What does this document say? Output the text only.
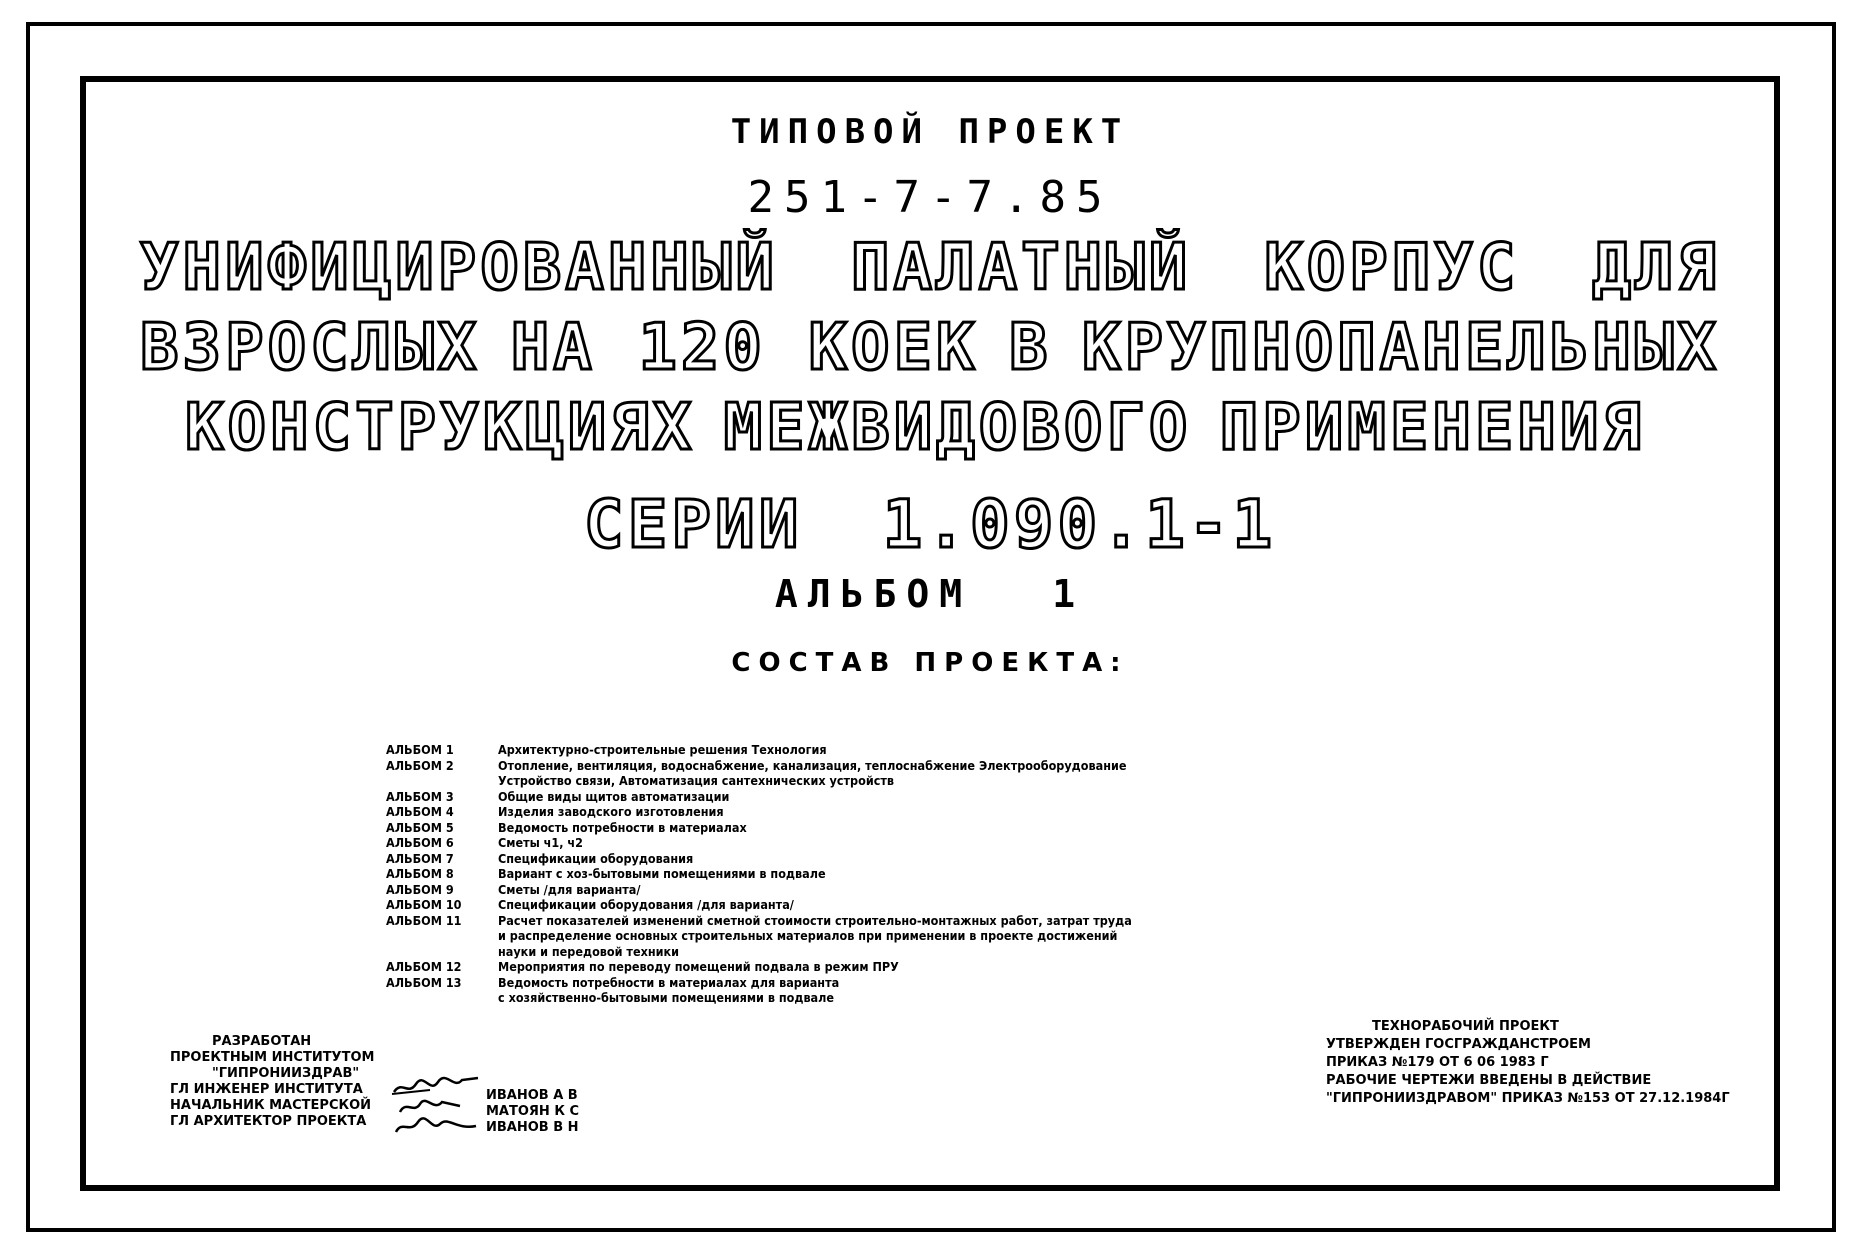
ТИПОВОЙ ПРОЕКТ
251-7-7.85
УНИФИЦИРОВАННЫЙ ПАЛАТНЫЙ КОРПУС ДЛЯ
ВЗРОСЛЫХ НА 120 КОЕК В КРУПНОПАНЕЛЬНЫХ
КОНСТРУКЦИЯХ МЕЖВИДОВОГО ПРИМЕНЕНИЯ
СЕРИИ 1.090.1-1
АЛЬБОМ 1
СОСТАВ ПРОЕКТА:
АЛЬБОМ 1	Архитектурно-строительные решения Технология
АЛЬБОМ 2	Отопление, вентиляция, водоснабжение, канализация, теплоснабжение Электрооборудование
Устройство связи, Автоматизация сантехнических устройств
АЛЬБОМ 3	Общие виды щитов автоматизации
АЛЬБОМ 4	Изделия заводского изготовления
АЛЬБОМ 5	Ведомость потребности в материалах
АЛЬБОМ 6	Сметы ч1, ч2
АЛЬБОМ 7	Спецификации оборудования
АЛЬБОМ 8	Вариант с хоз-бытовыми помещениями в подвале
АЛЬБОМ 9	Сметы /для варианта/
АЛЬБОМ 10	Спецификации оборудования /для варианта/
АЛЬБОМ 11	Расчет показателей изменений сметной стоимости строительно-монтажных работ, затрат труда
и распределение основных строительных материалов при применении в проекте достижений
науки и передовой техники
АЛЬБОМ 12	Мероприятия по переводу помещений подвала в режим ПРУ
АЛЬБОМ 13	Ведомость потребности в материалах для варианта
с хозяйственно-бытовыми помещениями в подвале
РАЗРАБОТАН
ПРОЕКТНЫМ ИНСТИТУТОМ
"ГИПРОНИИЗДРАВ"
ГЛ ИНЖЕНЕР ИНСТИТУТА
НАЧАЛЬНИК МАСТЕРСКОЙ
ГЛ АРХИТЕКТОР ПРОЕКТА
ИВАНОВ А В
МАТОЯН К С
ИВАНОВ В Н
ТЕХНОРАБОЧИЙ ПРОЕКТ
УТВЕРЖДЕН ГОСГРАЖДАНСТРОЕМ
ПРИКАЗ №179 ОТ 6 06 1983 Г
РАБОЧИЕ ЧЕРТЕЖИ ВВЕДЕНЫ В ДЕЙСТВИЕ
"ГИПРОНИИЗДРАВОМ" ПРИКАЗ №153 ОТ 27.12.1984Г
